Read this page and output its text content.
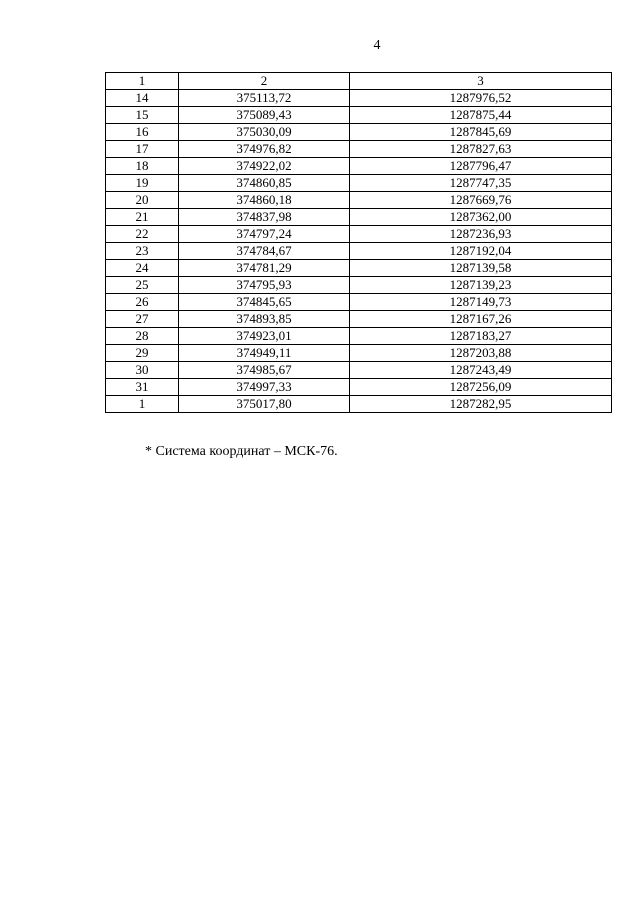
4
1	2	3
14	375113,72	1287976,52
15	375089,43	1287875,44
16	375030,09	1287845,69
17	374976,82	1287827,63
18	374922,02	1287796,47
19	374860,85	1287747,35
20	374860,18	1287669,76
21	374837,98	1287362,00
22	374797,24	1287236,93
23	374784,67	1287192,04
24	374781,29	1287139,58
25	374795,93	1287139,23
26	374845,65	1287149,73
27	374893,85	1287167,26
28	374923,01	1287183,27
29	374949,11	1287203,88
30	374985,67	1287243,49
31	374997,33	1287256,09
1	375017,80	1287282,95
* Система координат – МСК-76.
